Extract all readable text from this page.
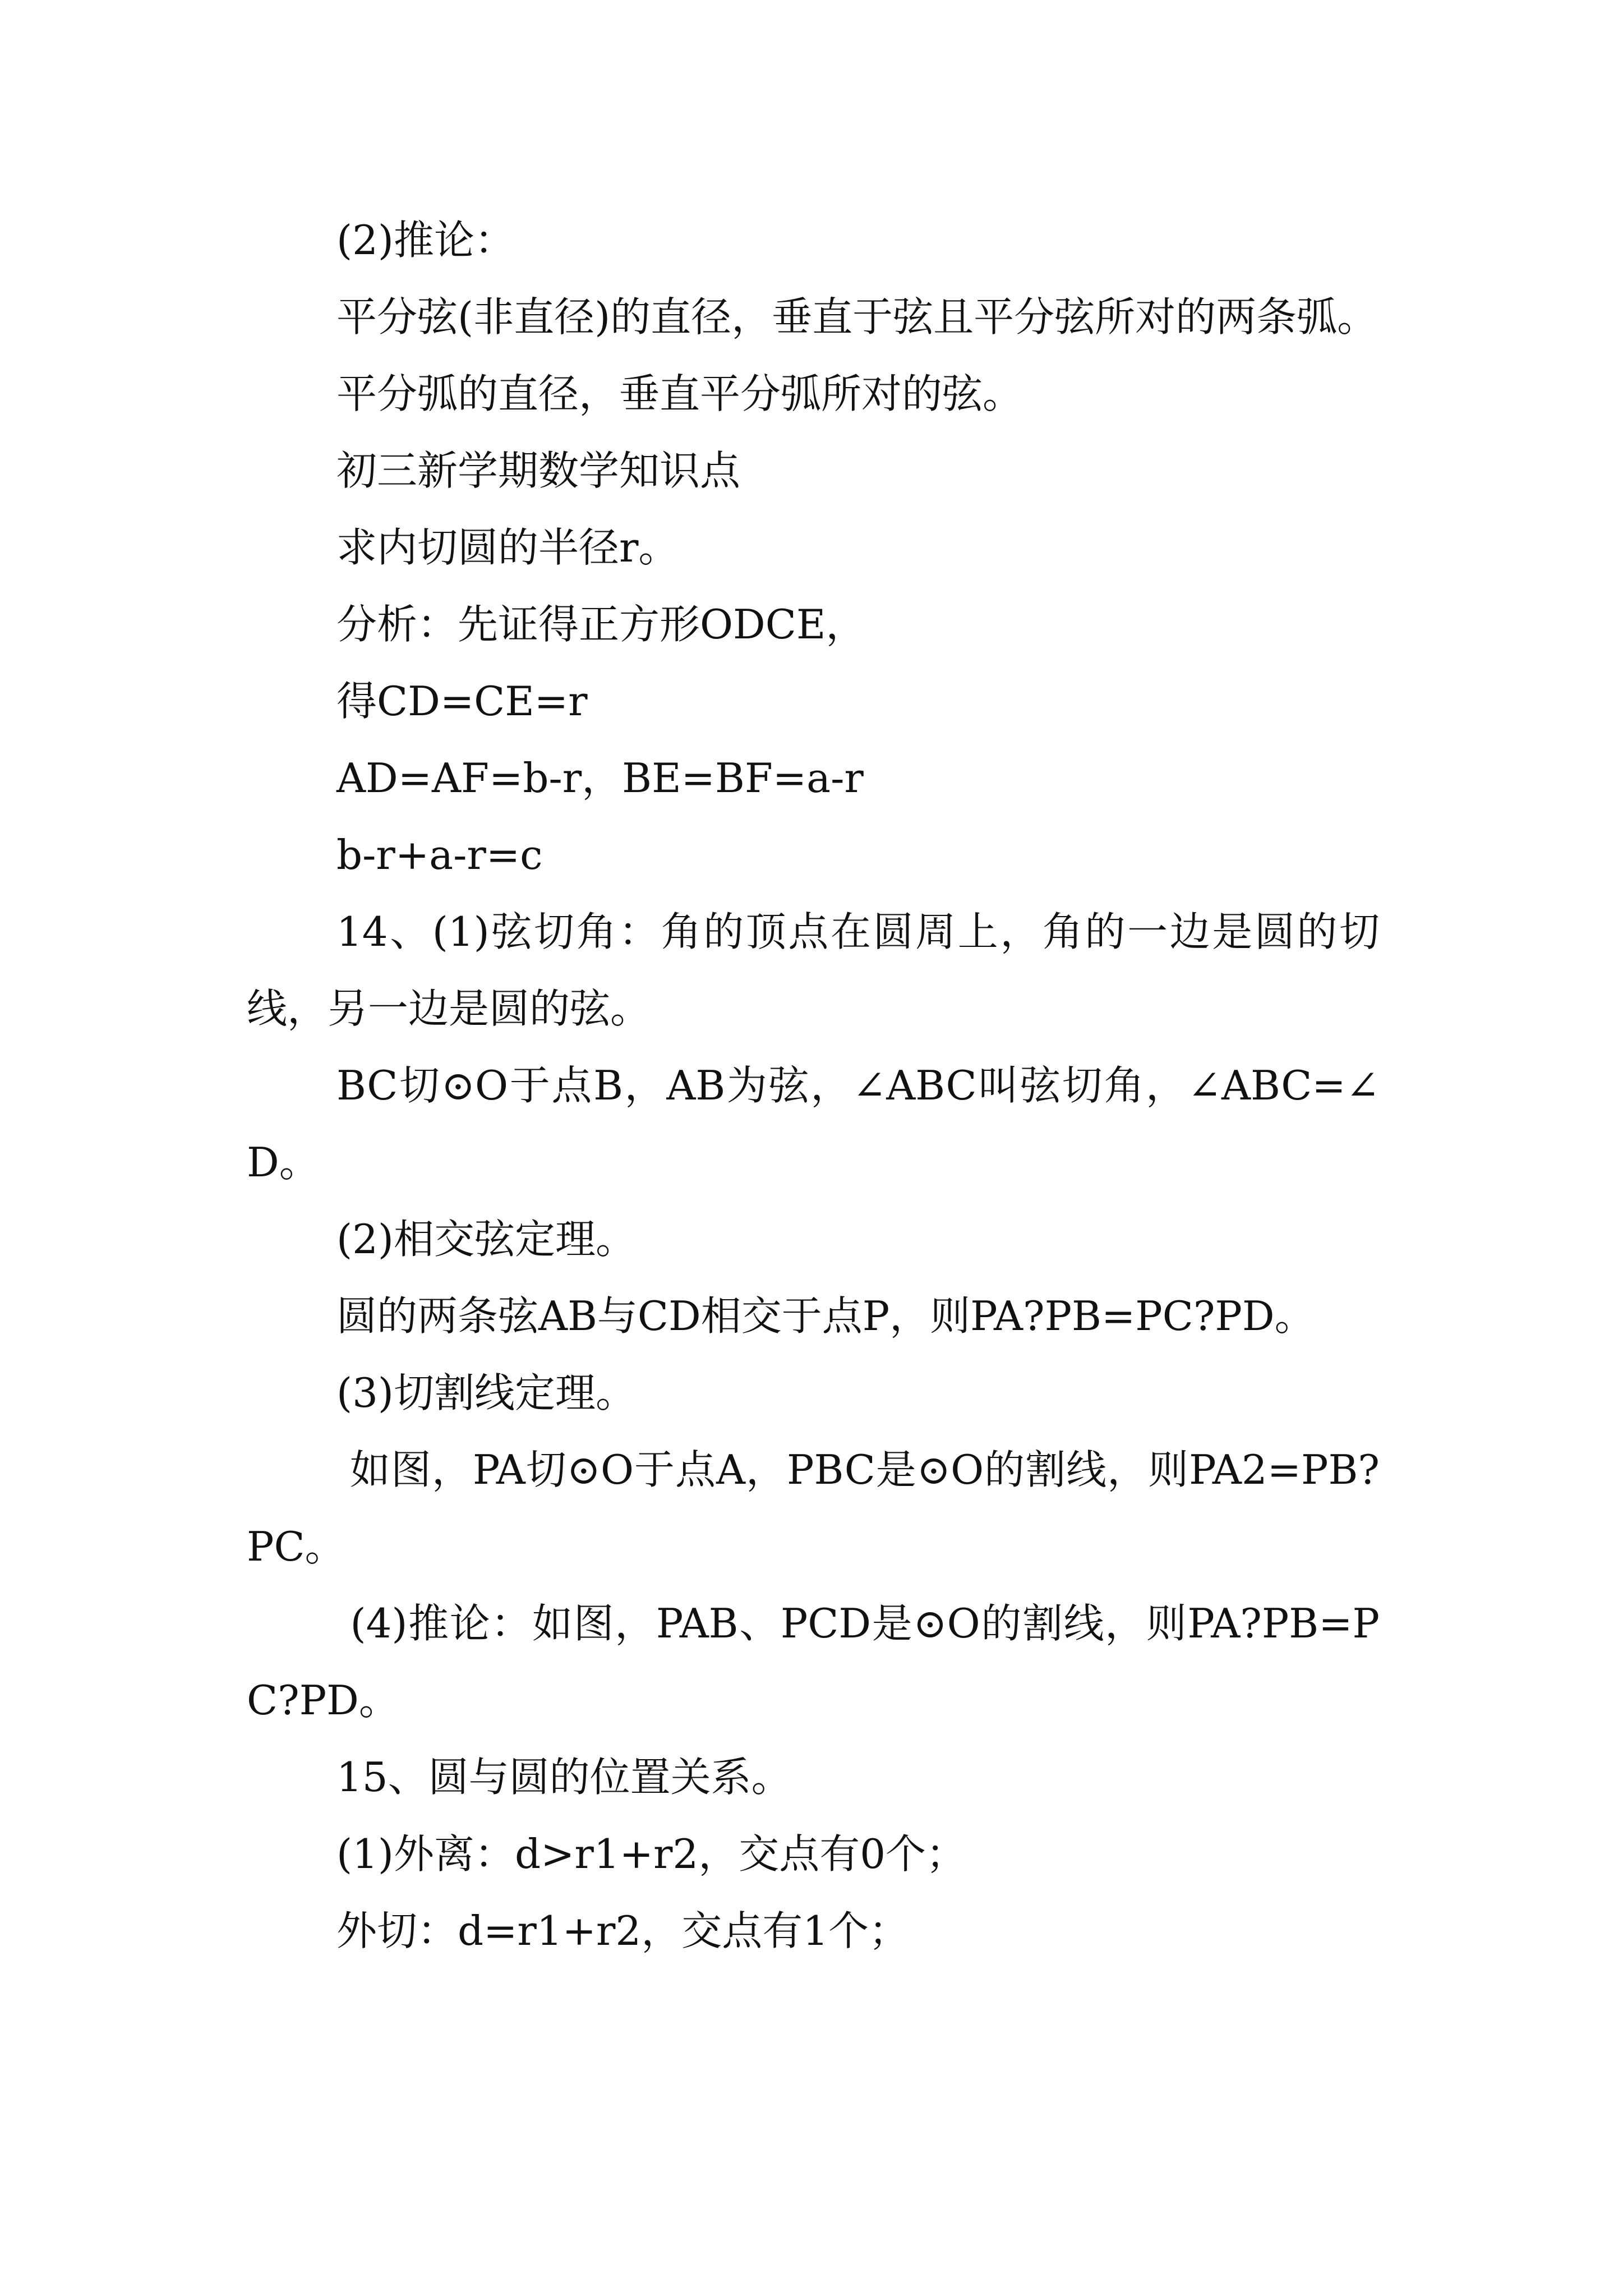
(2)推论：

平分弦(非直径)的直径，垂直于弦且平分弦所对的两条弧。

平分弧的直径，垂直平分弧所对的弦。

初三新学期数学知识点

求内切圆的半径r。

分析：先证得正方形ODCE，

得CD=CE=r

AD=AF=b-r，BE=BF=a-r

b-r+a-r=c

14、(1)弦切角：角的顶点在圆周上，角的一边是圆的切线，另一边是圆的弦。

BC切⊙O于点B，AB为弦，∠ABC叫弦切角，∠ABC=∠D。

(2)相交弦定理。

圆的两条弦AB与CD相交于点P，则PA?PB=PC?PD。

(3)切割线定理。

如图，PA切⊙O于点A，PBC是⊙O的割线，则PA2=PB?PC。

(4)推论：如图，PAB、PCD是⊙O的割线，则PA?PB=PC?PD。

15、圆与圆的位置关系。

(1)外离：d>r1+r2，交点有0个；

外切：d=r1+r2，交点有1个；
